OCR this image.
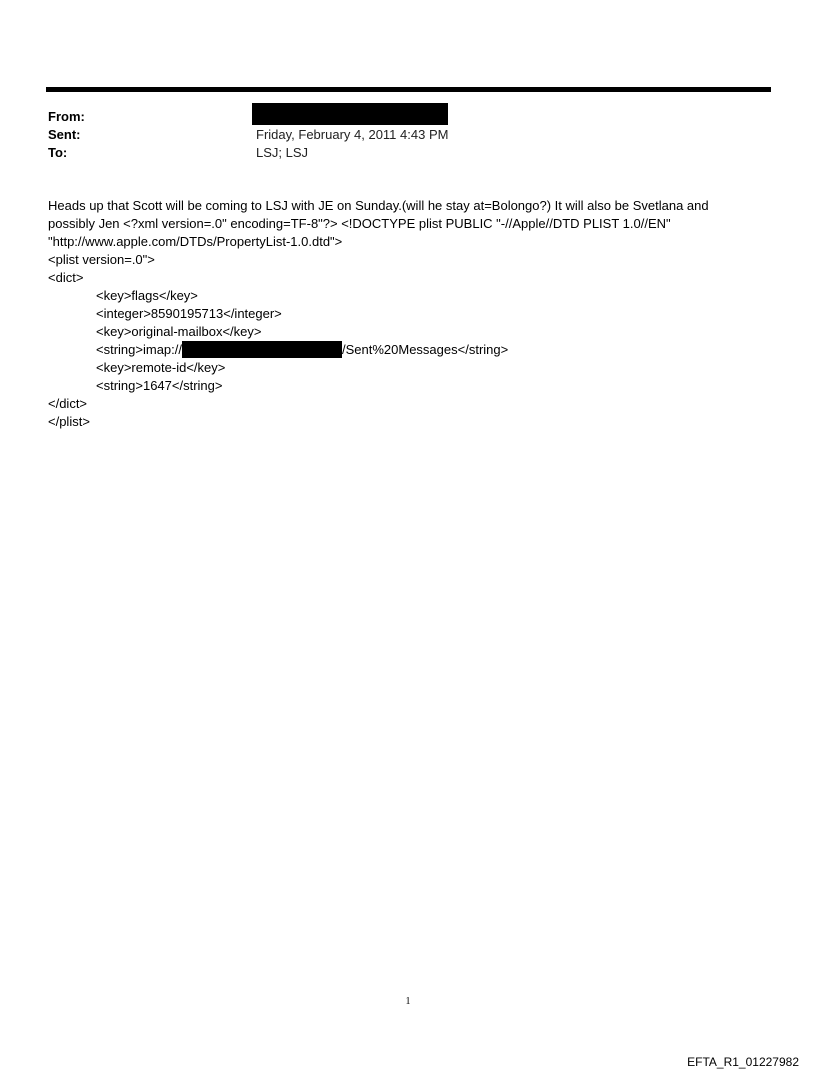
From:
Sent:	Friday, February 4, 2011 4:43 PM
To:	LSJ; LSJ
Heads up that Scott will be coming to LSJ with JE on Sunday.(will he stay at=Bolongo?) It will also be Svetlana and
possibly Jen <?xml version=.0" encoding=TF-8"?> <!DOCTYPE plist PUBLIC "-//Apple//DTD PLIST 1.0//EN"
"http://www.apple.com/DTDs/PropertyList-1.0.dtd">
<plist version=.0">
<dict>
<key>flags</key>
<integer>8590195713</integer>
<key>original-mailbox</key>
<string>imap://	/Sent%20Messages</string>
<key>remote-id</key>
<string>1647</string>
</dict>
</plist>
1
EFTA_R1_01227982
